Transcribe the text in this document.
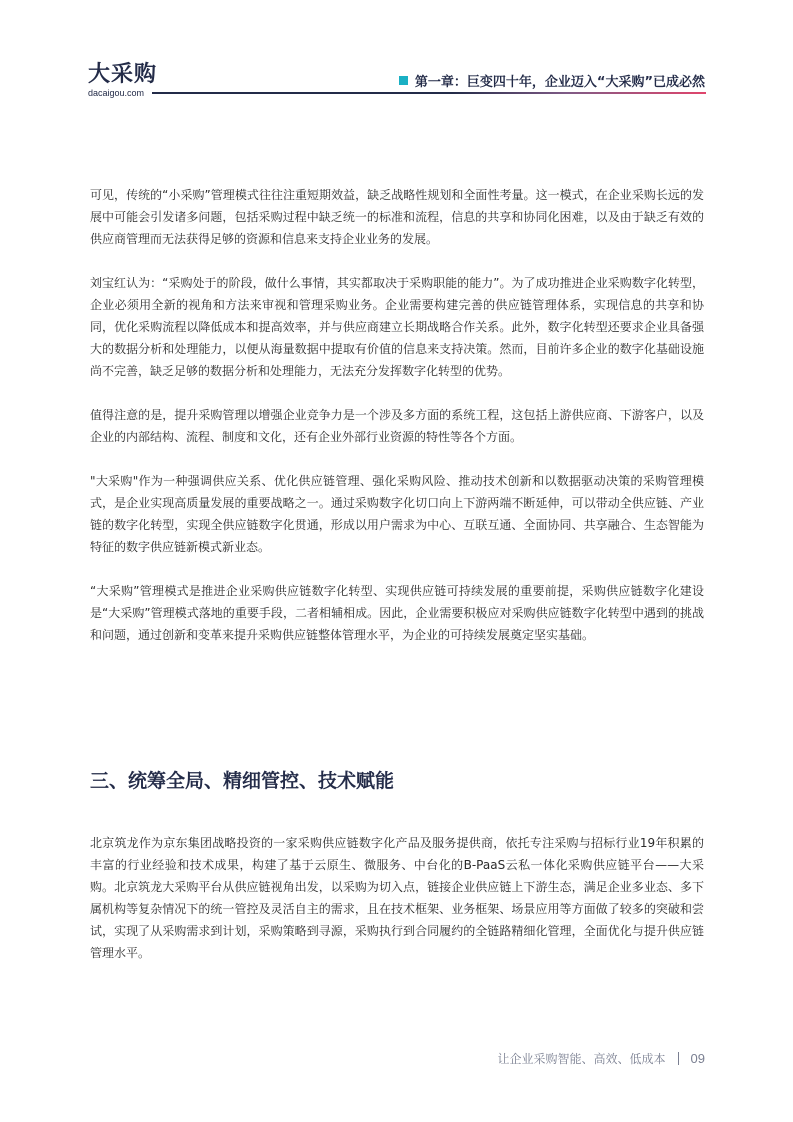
大采购
dacaigou.com
第一章：巨变四十年，企业迈入“大采购”已成必然

可见，传统的“小采购”管理模式往往注重短期效益，缺乏战略性规划和全面性考量。这一模式，在企业采购长远的发展中可能会引发诸多问题，包括采购过程中缺乏统一的标准和流程，信息的共享和协同化困难，以及由于缺乏有效的供应商管理而无法获得足够的资源和信息来支持企业业务的发展。

刘宝红认为：“采购处于的阶段，做什么事情，其实都取决于采购职能的能力”。为了成功推进企业采购数字化转型，企业必须用全新的视角和方法来审视和管理采购业务。企业需要构建完善的供应链管理体系，实现信息的共享和协同，优化采购流程以降低成本和提高效率，并与供应商建立长期战略合作关系。此外，数字化转型还要求企业具备强大的数据分析和处理能力，以便从海量数据中提取有价值的信息来支持决策。然而，目前许多企业的数字化基础设施尚不完善，缺乏足够的数据分析和处理能力，无法充分发挥数字化转型的优势。

值得注意的是，提升采购管理以增强企业竞争力是一个涉及多方面的系统工程，这包括上游供应商、下游客户，以及企业的内部结构、流程、制度和文化，还有企业外部行业资源的特性等各个方面。

"大采购"作为一种强调供应关系、优化供应链管理、强化采购风险、推动技术创新和以数据驱动决策的采购管理模式，是企业实现高质量发展的重要战略之一。通过采购数字化切口向上下游两端不断延伸，可以带动全供应链、产业链的数字化转型，实现全供应链数字化贯通，形成以用户需求为中心、互联互通、全面协同、共享融合、生态智能为特征的数字供应链新模式新业态。

“大采购”管理模式是推进企业采购供应链数字化转型、实现供应链可持续发展的重要前提，采购供应链数字化建设是“大采购”管理模式落地的重要手段，二者相辅相成。因此，企业需要积极应对采购供应链数字化转型中遇到的挑战和问题，通过创新和变革来提升采购供应链整体管理水平，为企业的可持续发展奠定坚实基础。

三、统筹全局、精细管控、技术赋能

北京筑龙作为京东集团战略投资的一家采购供应链数字化产品及服务提供商，依托专注采购与招标行业19年积累的丰富的行业经验和技术成果，构建了基于云原生、微服务、中台化的B-PaaS云私一体化采购供应链平台——大采购。北京筑龙大采购平台从供应链视角出发，以采购为切入点，链接企业供应链上下游生态，满足企业多业态、多下属机构等复杂情况下的统一管控及灵活自主的需求，且在技术框架、业务框架、场景应用等方面做了较多的突破和尝试，实现了从采购需求到计划，采购策略到寻源，采购执行到合同履约的全链路精细化管理，全面优化与提升供应链管理水平。

让企业采购智能、高效、低成本 09
